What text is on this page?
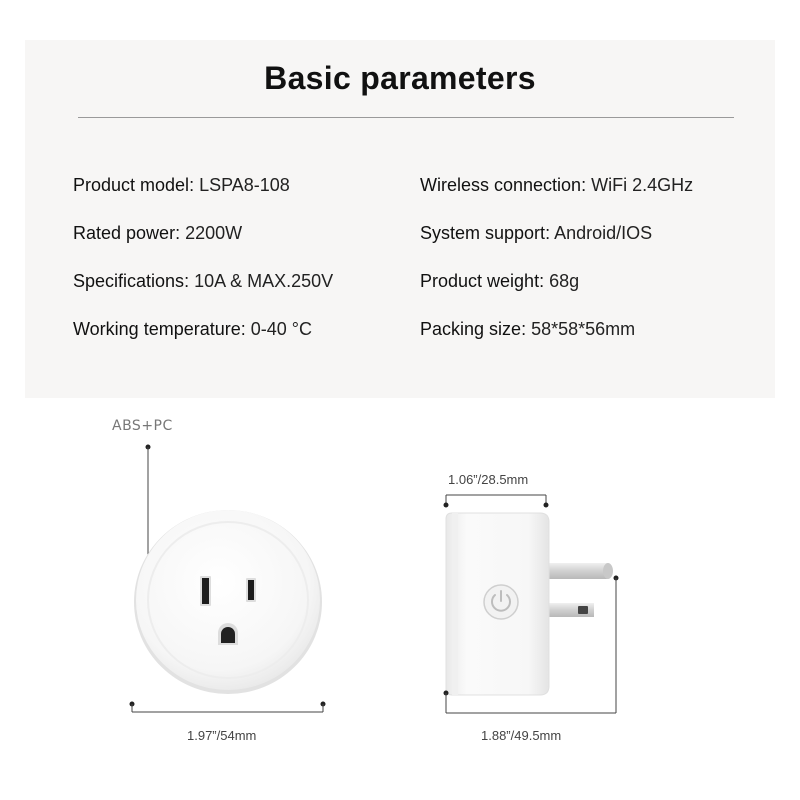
Basic parameters
Product model: LSPA8-108
Rated power: 2200W
Specifications: 10A & MAX.250V
Working temperature: 0-40 °C
Wireless connection: WiFi 2.4GHz
System support: Android/IOS
Product weight: 68g
Packing size: 58*58*56mm
ABS+PC
1.97”/54mm
1.06”/28.5mm
1.88”/49.5mm
